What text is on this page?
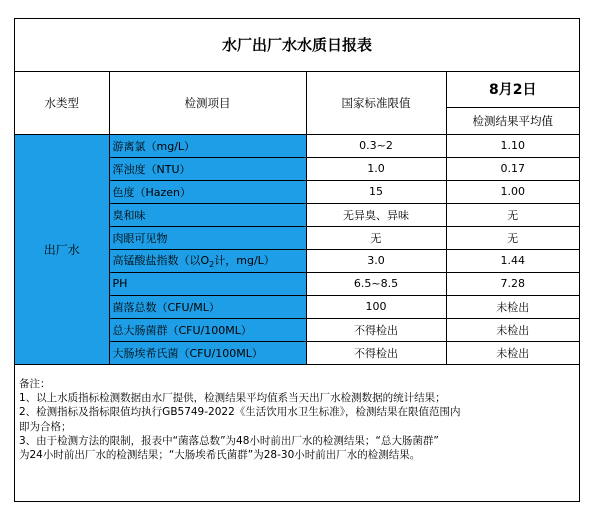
水厂出厂水水质日报表			
水类型	检测项目	国家标准限值	8月2日
			检测结果平均值
出厂水	游离氯（mg/L）	0.3~2	1.10
	浑浊度（NTU）	1.0	0.17
	色度（Hazen）	15	1.00
	臭和味	无异臭、异味	无
	肉眼可见物	无	无
	高锰酸盐指数（以$O_2$计，mg/L）	3.0	1.44
	PH	6.5~8.5	7.28
	菌落总数（CFU/ML）	100	未检出
	总大肠菌群（CFU/100ML）	不得检出	未检出
	大肠埃希氏菌（CFU/100ML）	不得检出	未检出
备注：
1、以上水质指标检测数据由水厂提供，检测结果平均值系当天出厂水检测数据的统计结果；
2、检测指标及指标限值均执行GB5749-2022《生活饮用水卫生标准》，检测结果在限值范围内
即为合格；
3、由于检测方法的限制，报表中“菌落总数”为48小时前出厂水的检测结果；“总大肠菌群”
为24小时前出厂水的检测结果；“大肠埃希氏菌群”为28-30小时前出厂水的检测结果。
